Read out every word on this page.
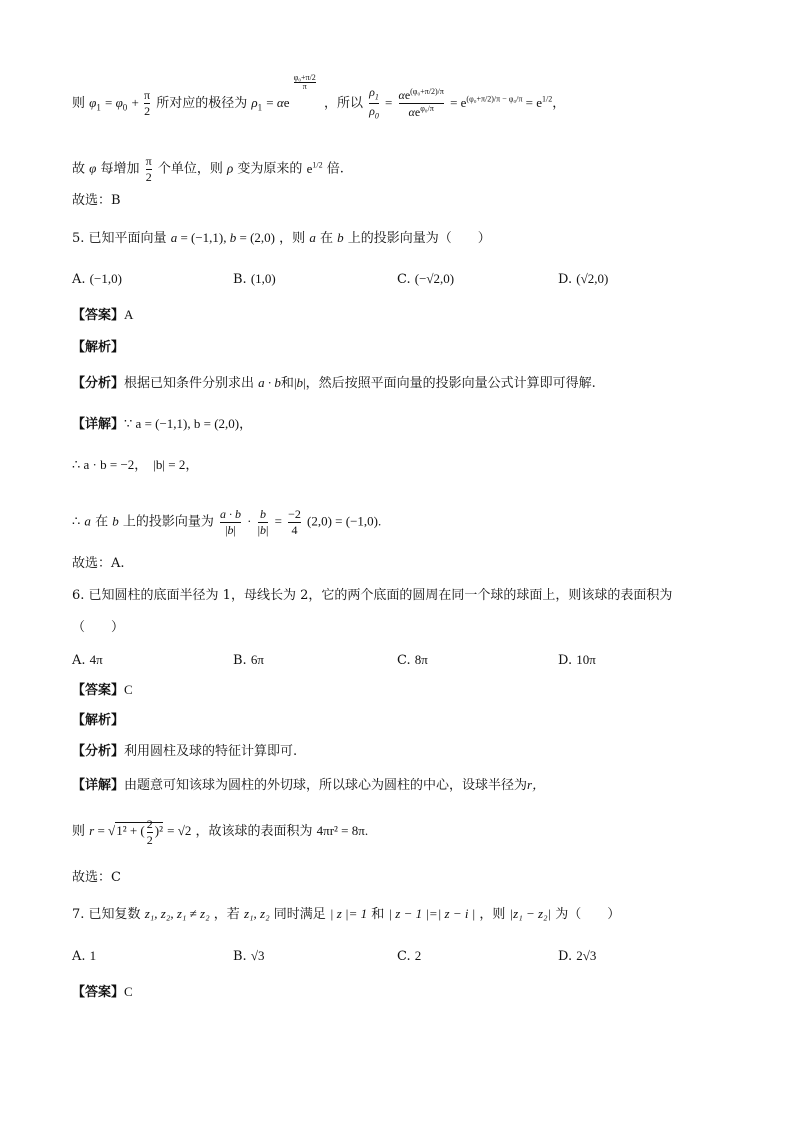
则 $\varphi_1 = \varphi_0 + \frac{\pi}{2}$ 所对应的极径为 $\rho_1 = \alpha e$
$\frac{\text{φ₀+π/2}}{\pi}$
，所以 $\frac{\rho_1}{\rho_0} = \frac{\alpha e^{(\varphi_0+\pi/2)/\pi}}{\alpha e^{\varphi_0/\pi}} = e^{(\varphi_0+\pi/2)/\pi - \varphi_0/\pi} = e^{1/2}$，
故 φ 每增加 $\frac{\pi}{2}$ 个单位，则 ρ 变为原来的 $e^{1/2}$ 倍.
故选：B
5. 已知平面向量 a = (−1,1), b = (2,0) ，则 a 在 b 上的投影向量为（　　）
A. (−1,0)	B. (1,0)	C. (−√2,0)	D. (√2,0)
【答案】A
【解析】
【分析】根据已知条件分别求出 a · b和|b|，然后按照平面向量的投影向量公式计算即可得解.
【详解】∵ a = (−1,1), b = (2,0)，
∴ a · b = −2， |b| = 2，
∴ a 在 b 上的投影向量为 $\frac{a \cdot b}{|b|} \cdot \frac{b}{|b|} = \frac{-2}{4} (2,0) = (-1,0)$.
故选：A.
6. 已知圆柱的底面半径为 1，母线长为 2，它的两个底面的圆周在同一个球的球面上，则该球的表面积为
（　　）
A. 4π	B. 6π	C. 8π	D. 10π
【答案】C
【解析】
【分析】利用圆柱及球的特征计算即可.
【详解】由题意可知该球为圆柱的外切球，所以球心为圆柱的中心，设球半径为r，
则 r = √1² + ( $\frac{2}{2} )^2 = √2$ ，故该球的表面积为 4πr² = 8π.
故选：C
7. 已知复数 z₁, z₂, z₁ ≠ z₂ ，若 z₁, z₂ 同时满足 | z |= 1 和 | z − 1 |=| z − i | ，则 |z₁ − z₂| 为（　　）
A. 1	B. √3	C. 2	D. 2√3
【答案】C
